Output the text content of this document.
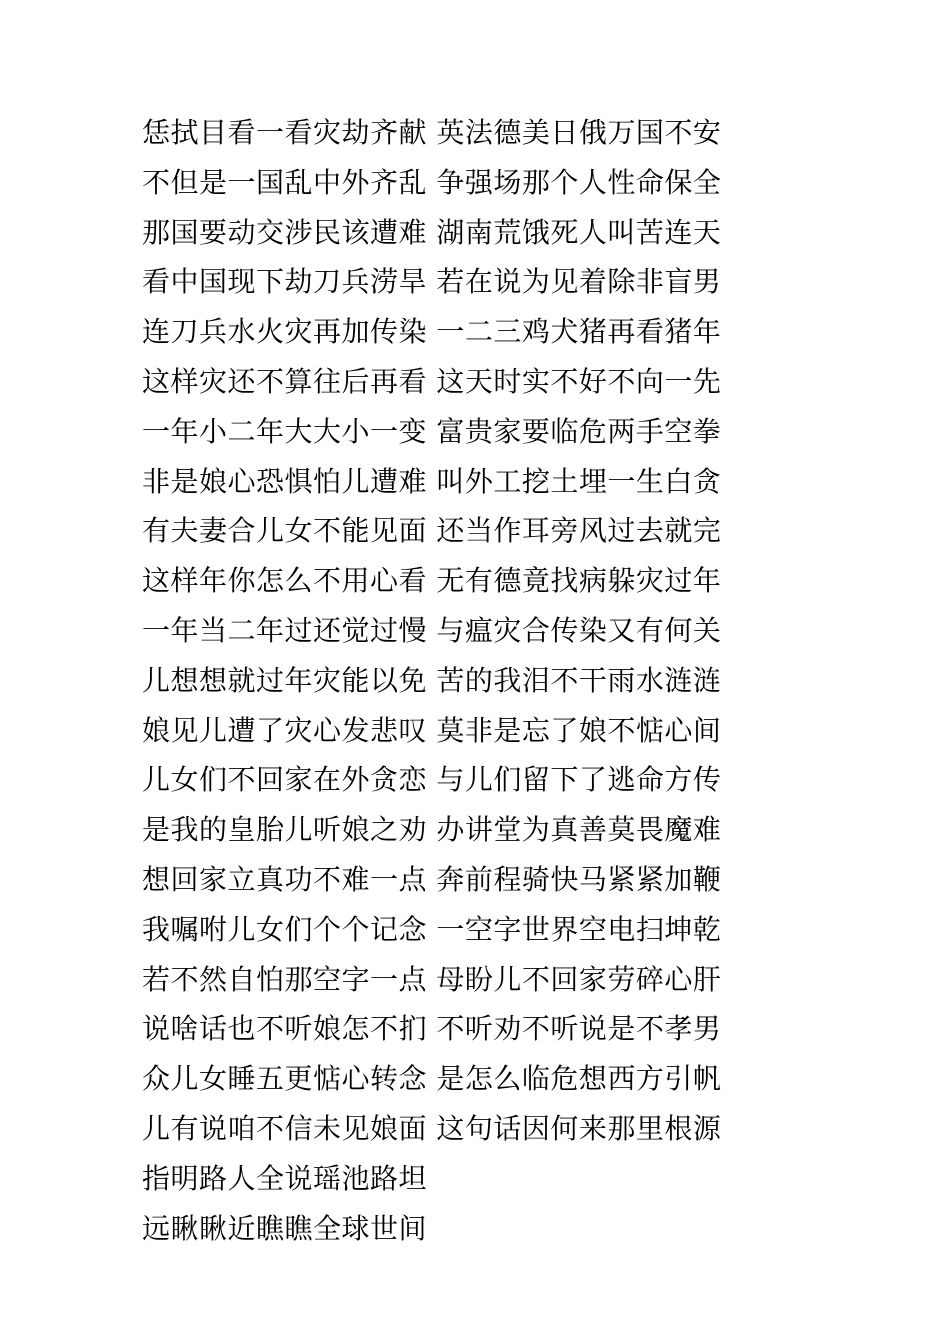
恁拭目看一看灾劫齐献 英法德美日俄万国不安
不但是一国乱中外齐乱 争强场那个人性命保全
那国要动交涉民该遭难 湖南荒饿死人叫苦连天
看中国现下劫刀兵涝旱 若在说为见着除非盲男
连刀兵水火灾再加传染 一二三鸡犬猪再看猪年
这样灾还不算往后再看 这天时实不好不向一先
一年小二年大大小一变 富贵家要临危两手空拳
非是娘心恐惧怕儿遭难 叫外工挖土埋一生白贪
有夫妻合儿女不能见面 还当作耳旁风过去就完
这样年你怎么不用心看 无有德竟找病躲灾过年
一年当二年过还觉过慢 与瘟灾合传染又有何关
儿想想就过年灾能以免 苦的我泪不干雨水涟涟
娘见儿遭了灾心发悲叹 莫非是忘了娘不惦心间
儿女们不回家在外贪恋 与儿们留下了逃命方传
是我的皇胎儿听娘之劝 办讲堂为真善莫畏魔难
想回家立真功不难一点 奔前程骑快马紧紧加鞭
我嘱咐儿女们个个记念 一空字世界空电扫坤乾
若不然自怕那空字一点 母盼儿不回家劳碎心肝
说啥话也不听娘怎不扪 不听劝不听说是不孝男
众儿女睡五更惦心转念 是怎么临危想西方引帆
儿有说咱不信未见娘面 这句话因何来那里根源
指明路人全说瑶池路坦
远瞅瞅近瞧瞧全球世间
